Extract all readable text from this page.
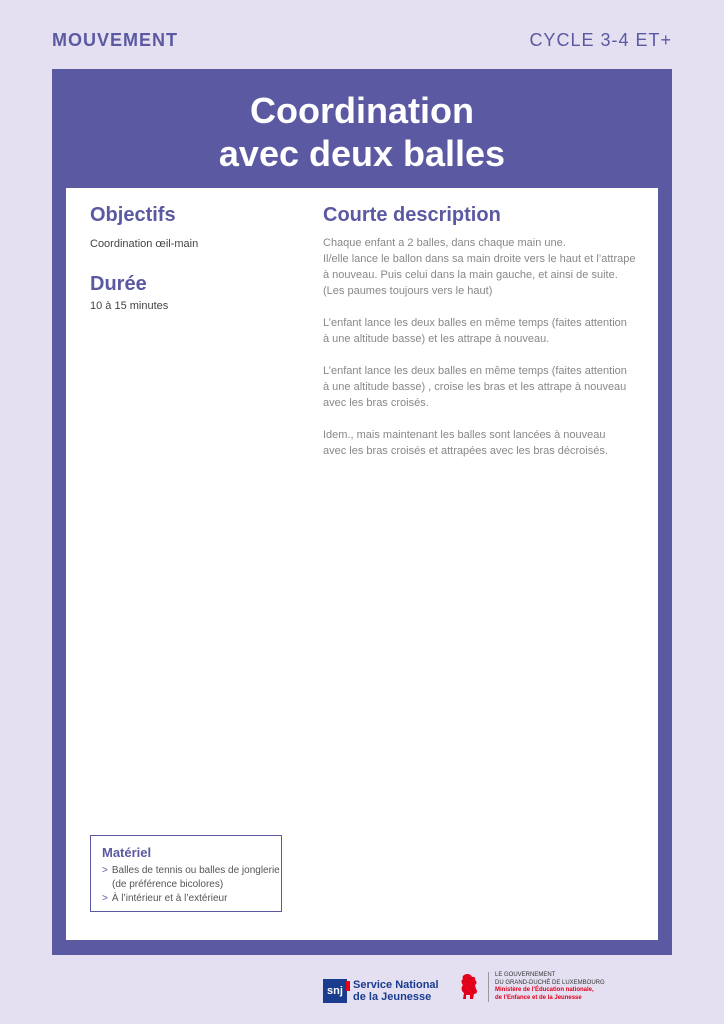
MOUVEMENT	CYCLE 3-4 ET+
Coordination
avec deux balles
Objectifs
Coordination œil-main
Durée
10 à 15 minutes
Courte description

Chaque enfant a 2 balles, dans chaque main une.
Il/elle lance le ballon dans sa main droite vers le haut et l’attrape
à nouveau. Puis celui dans la main gauche, et ainsi de suite.
(Les paumes toujours vers le haut)

L’enfant lance les deux balles en même temps (faites attention
à une altitude basse) et les attrape à nouveau.

L’enfant lance les deux balles en même temps (faites attention
à une altitude basse) , croise les bras et les attrape à nouveau
avec les bras croisés.

Idem., mais maintenant les balles sont lancées à nouveau
avec les bras croisés et attrapées avec les bras décroisés.

Matériel
> Balles de tennis ou balles de jonglerie (de préférence bicolores)
> À l’intérieur et à l’extérieur
snj Service National
de la Jeunesse
LE GOUVERNEMENT
DU GRAND-DUCHÉ DE LUXEMBOURG
Ministère de l’Éducation nationale,
de l’Enfance et de la Jeunesse
